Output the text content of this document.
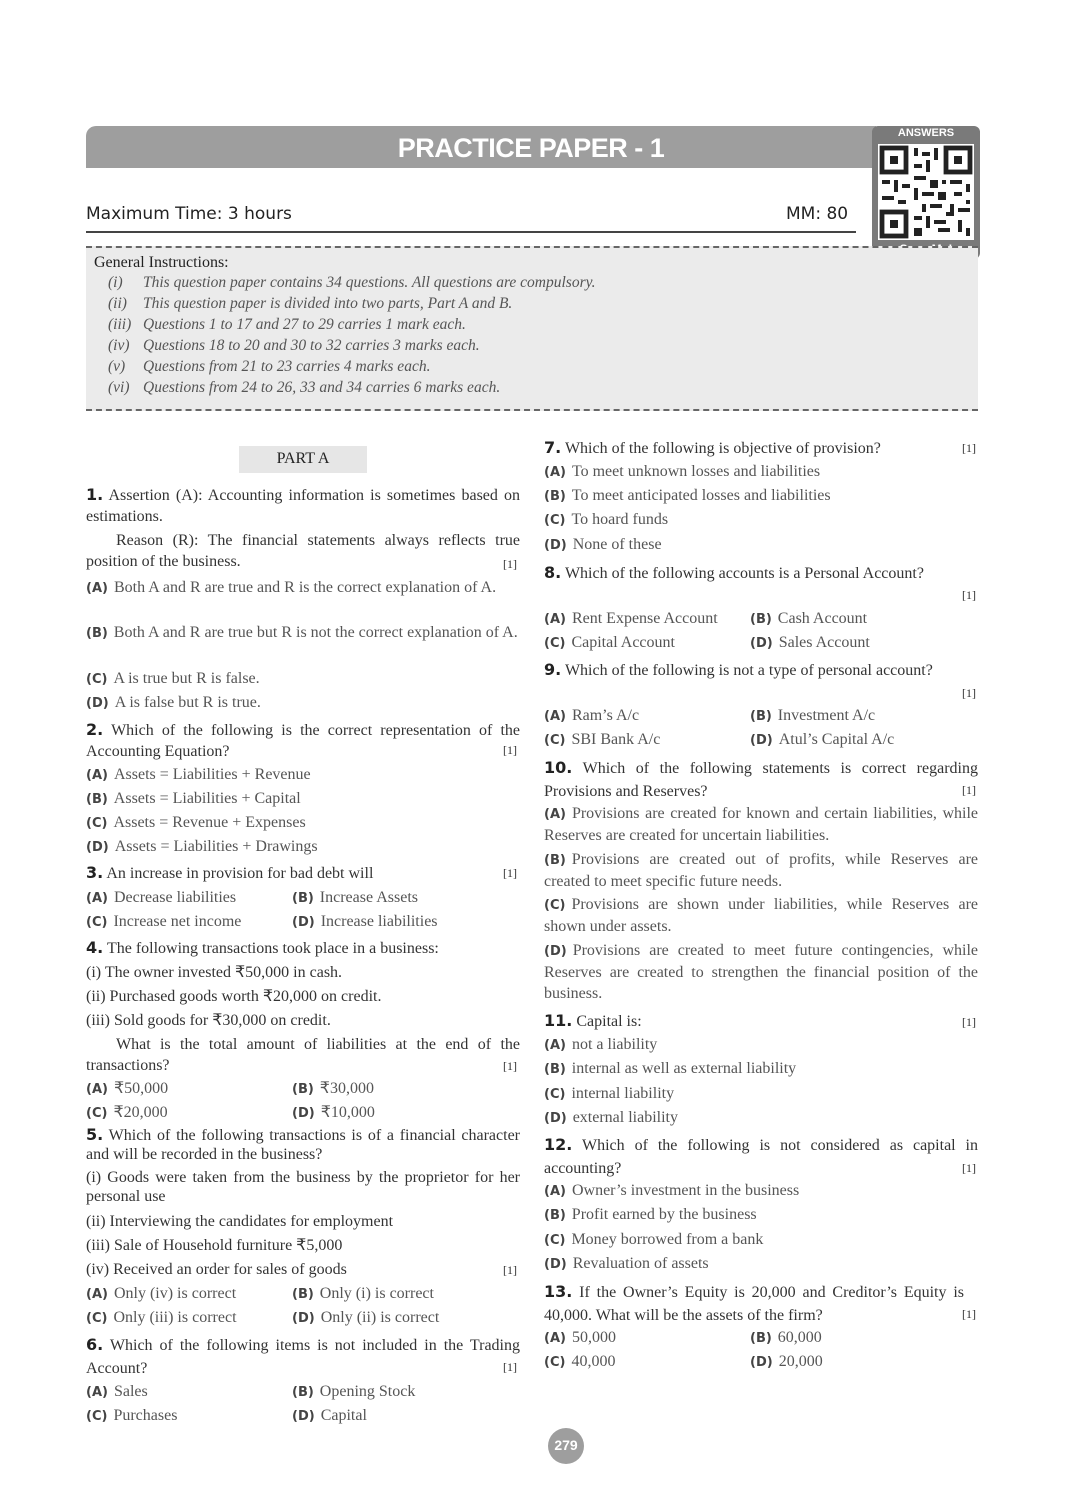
PRACTICE PAPER - 1	ANSWERS
Maximum Time: 3 hours	MM: 80
General Instructions:
(i) This question paper contains 34 questions. All questions are compulsory.
(ii) This question paper is divided into two parts, Part A and B.
(iii) Questions 1 to 17 and 27 to 29 carries 1 mark each.
(iv) Questions 18 to 20 and 30 to 32 carries 3 marks each.
(v) Questions from 21 to 23 carries 4 marks each.
(vi) Questions from 24 to 26, 33 and 34 carries 6 marks each.
PART A
1. Assertion (A): Accounting information is sometimes based on estimations.
Reason (R): The financial statements always reflects true position of the business.	[ 1 ]
(A) Both A and R are true and R is the correct explanation of A.
(B) Both A and R are true but R is not the correct explanation of A.
(C) A is true but R is false.
(D) A is false but R is true.
2. Which of the following is the correct representation of the Accounting Equation?	[ 1 ]
(A) Assets = Liabilities + Revenue
(B) Assets = Liabilities + Capital
(C) Assets = Revenue + Expenses
(D) Assets = Liabilities + Drawings
3. An increase in provision for bad debt will	[ 1 ]
(A) Decrease liabilities	(B) Increase Assets
(C) Increase net income	(D) Increase liabilities
4. The following transactions took place in a business:
(i) The owner invested ₹50,000 in cash.
(ii) Purchased goods worth ₹20,000 on credit.
(iii) Sold goods for ₹30,000 on credit.
What is the total amount of liabilities at the end of the transactions?	[ 1 ]
(A) ₹50,000	(B) ₹30,000
(C) ₹20,000	(D) ₹10,000
5. Which of the following transactions is of a financial character and will be recorded in the business?
(i) Goods were taken from the business by the proprietor for her personal use
(ii) Interviewing the candidates for employment
(iii) Sale of Household furniture ₹5,000
(iv) Received an order for sales of goods	[ 1 ]
(A) Only (iv) is correct	(B) Only (i) is correct
(C) Only (iii) is correct	(D) Only (ii) is correct
6. Which of the following items is not included in the Trading Account?	[ 1 ]
(A) Sales	(B) Opening Stock
(C) Purchases	(D) Capital
7. Which of the following is objective of provision?	[ 1 ]
(A) To meet unknown losses and liabilities
(B) To meet anticipated losses and liabilities
(C) To hoard funds
(D) None of these
8. Which of the following accounts is a Personal Account?
[ 1 ]
(A) Rent Expense Account (B) Cash Account
(C) Capital Account	(D) Sales Account
9. Which of the following is not a type of personal account?
[ 1 ]
(A) Ram’s A/c	(B) Investment A/c
(C) SBI Bank A/c	(D) Atul’s Capital A/c
10. Which of the following statements is correct regarding Provisions and Reserves?	[ 1 ]
(A) Provisions are created for known and certain liabilities, while Reserves are created for uncertain liabilities.
(B) Provisions are created out of profits, while Reserves are created to meet specific future needs.
(C) Provisions are shown under liabilities, while Reserves are shown under assets.
(D) Provisions are created to meet future contingencies, while Reserves are created to strengthen the financial position of the business.
11. Capital is:	[ 1 ]
(A) not a liability
(B) internal as well as external liability
(C) internal liability
(D) external liability
12. Which of the following is not considered as capital in accounting?	[ 1 ]
(A) Owner’s investment in the business
(B) Profit earned by the business
(C) Money borrowed from a bank
(D) Revaluation of assets
13. If the Owner’s Equity is 20,000 and Creditor’s Equity is 40,000. What will be the assets of the firm?	[ 1 ]
(A) 50,000	(B) 60,000
(C) 40,000	(D) 20,000
279
